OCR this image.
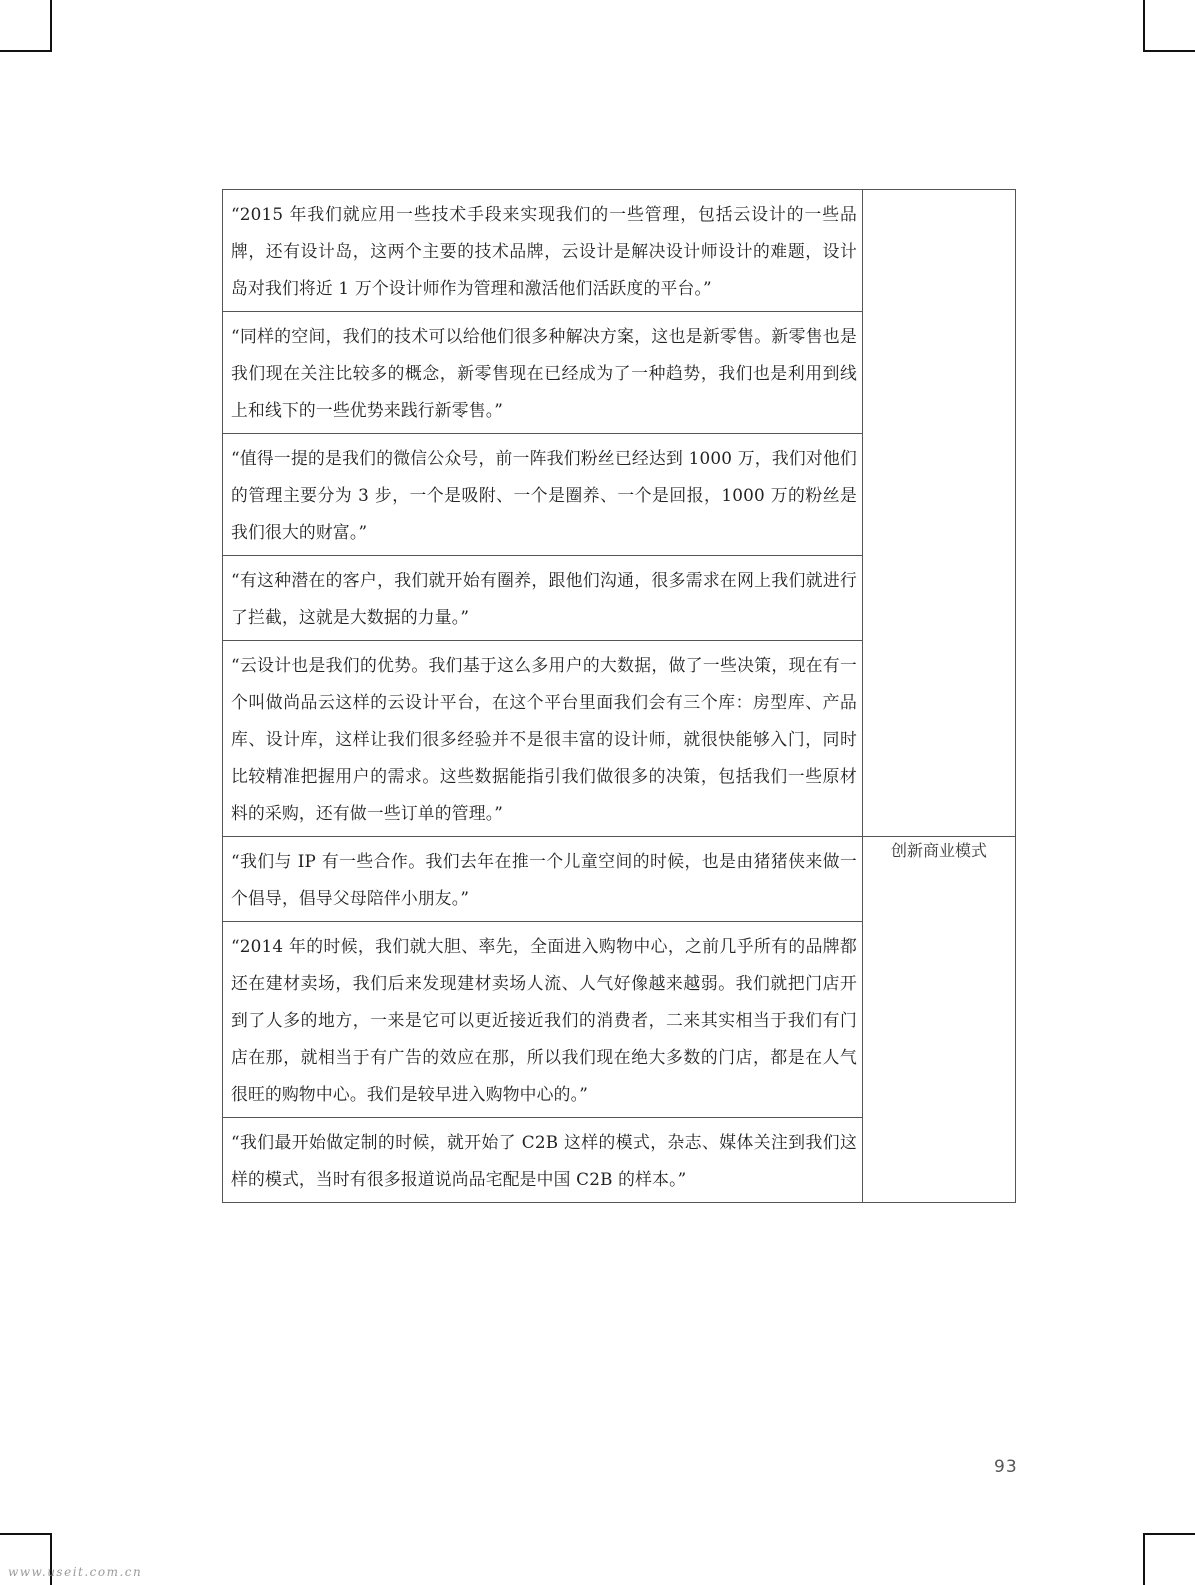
“2015 年我们就应用一些技术手段来实现我们的一些管理，包括云设计的一些品牌，还有设计岛，这两个主要的技术品牌，云设计是解决设计师设计的难题，设计岛对我们将近 1 万个设计师作为管理和激活他们活跃度的平台。”	
“同样的空间，我们的技术可以给他们很多种解决方案，这也是新零售。新零售也是我们现在关注比较多的概念，新零售现在已经成为了一种趋势，我们也是利用到线上和线下的一些优势来践行新零售。”	
“值得一提的是我们的微信公众号，前一阵我们粉丝已经达到 1000 万，我们对他们的管理主要分为 3 步，一个是吸附、一个是圈养、一个是回报，1000 万的粉丝是我们很大的财富。”	
“有这种潜在的客户，我们就开始有圈养，跟他们沟通，很多需求在网上我们就进行了拦截，这就是大数据的力量。”	
“云设计也是我们的优势。我们基于这么多用户的大数据，做了一些决策，现在有一个叫做尚品云这样的云设计平台，在这个平台里面我们会有三个库：房型库、产品库、设计库，这样让我们很多经验并不是很丰富的设计师，就很快能够入门，同时比较精准把握用户的需求。这些数据能指引我们做很多的决策，包括我们一些原材料的采购，还有做一些订单的管理。”	
“我们与 IP 有一些合作。我们去年在推一个儿童空间的时候，也是由猪猪侠来做一个倡导，倡导父母陪伴小朋友。”	创新商业模式
“2014 年的时候，我们就大胆、率先，全面进入购物中心，之前几乎所有的品牌都还在建材卖场，我们后来发现建材卖场人流、人气好像越来越弱。我们就把门店开到了人多的地方，一来是它可以更近接近我们的消费者，二来其实相当于我们有门店在那，就相当于有广告的效应在那，所以我们现在绝大多数的门店，都是在人气很旺的购物中心。我们是较早进入购物中心的。”	
“我们最开始做定制的时候，就开始了 C2B 这样的模式，杂志、媒体关注到我们这样的模式，当时有很多报道说尚品宅配是中国 C2B 的样本。”	
93
www.useit.com.cn
